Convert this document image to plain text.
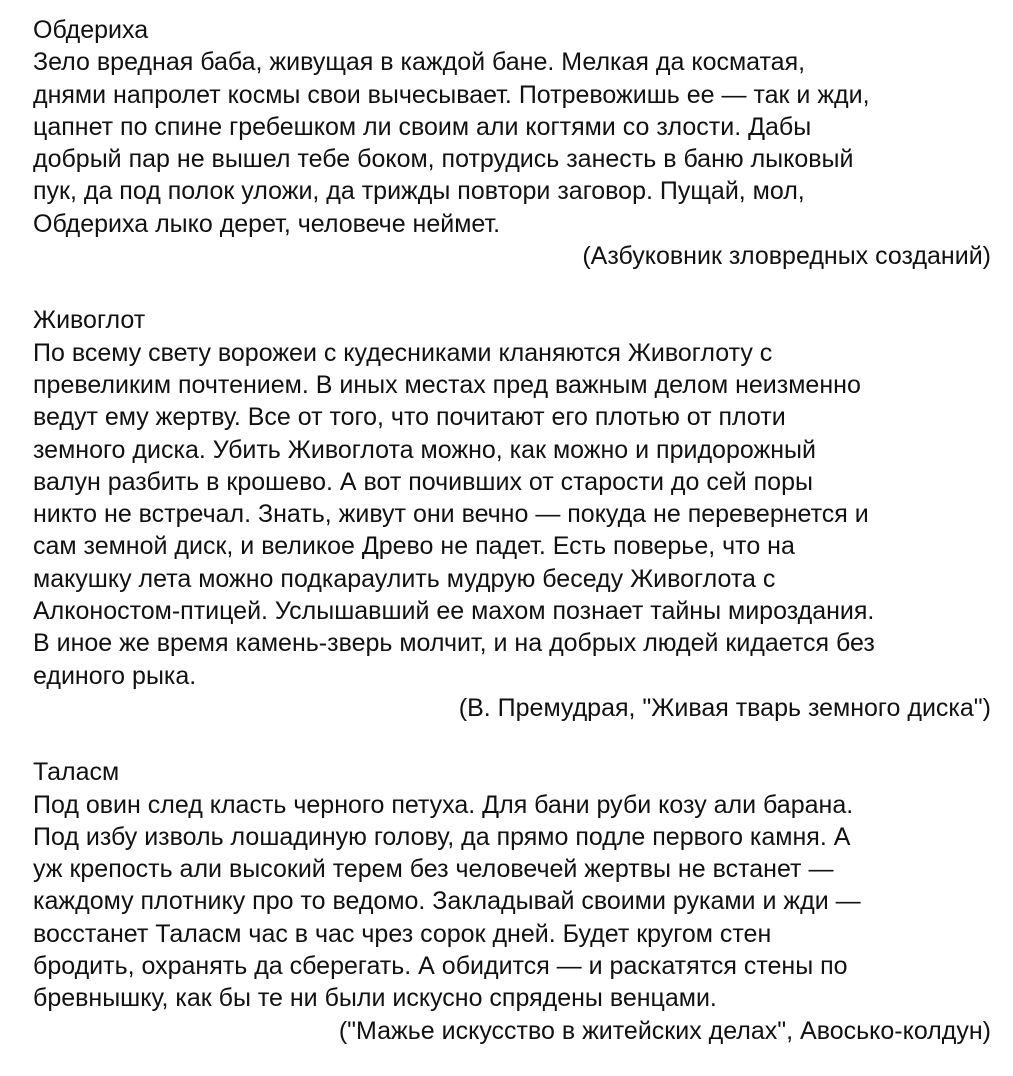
Обдериха
Зело вредная баба, живущая в каждой бане. Мелкая да косматая,
днями напролет космы свои вычесывает. Потревожишь ее — так и жди,
цапнет по спине гребешком ли своим али когтями со злости. Дабы
добрый пар не вышел тебе боком, потрудись занесть в баню лыковый
пук, да под полок уложи, да трижды повтори заговор. Пущай, мол,
Обдериха лыко дерет, человече неймет.
(Азбуковник зловредных созданий)
Живоглот
По всему свету ворожеи с кудесниками кланяются Живоглоту с
превеликим почтением. В иных местах пред важным делом неизменно
ведут ему жертву. Все от того, что почитают его плотью от плоти
земного диска. Убить Живоглота можно, как можно и придорожный
валун разбить в крошево. А вот почивших от старости до сей поры
никто не встречал. Знать, живут они вечно — покуда не перевернется и
сам земной диск, и великое Древо не падет. Есть поверье, что на
макушку лета можно подкараулить мудрую беседу Живоглота с
Алконостом-птицей. Услышавший ее махом познает тайны мироздания.
В иное же время камень-зверь молчит, и на добрых людей кидается без
единого рыка.
(В. Премудрая, "Живая тварь земного диска")
Таласм
Под овин след класть черного петуха. Для бани руби козу али барана.
Под избу изволь лошадиную голову, да прямо подле первого камня. А
уж крепость али высокий терем без человечей жертвы не встанет —
каждому плотнику про то ведомо. Закладывай своими руками и жди —
восстанет Таласм час в час чрез сорок дней. Будет кругом стен
бродить, охранять да сберегать. А обидится — и раскатятся стены по
бревнышку, как бы те ни были искусно спрядены венцами.
("Мажье искусство в житейских делах", Авосько-колдун)
